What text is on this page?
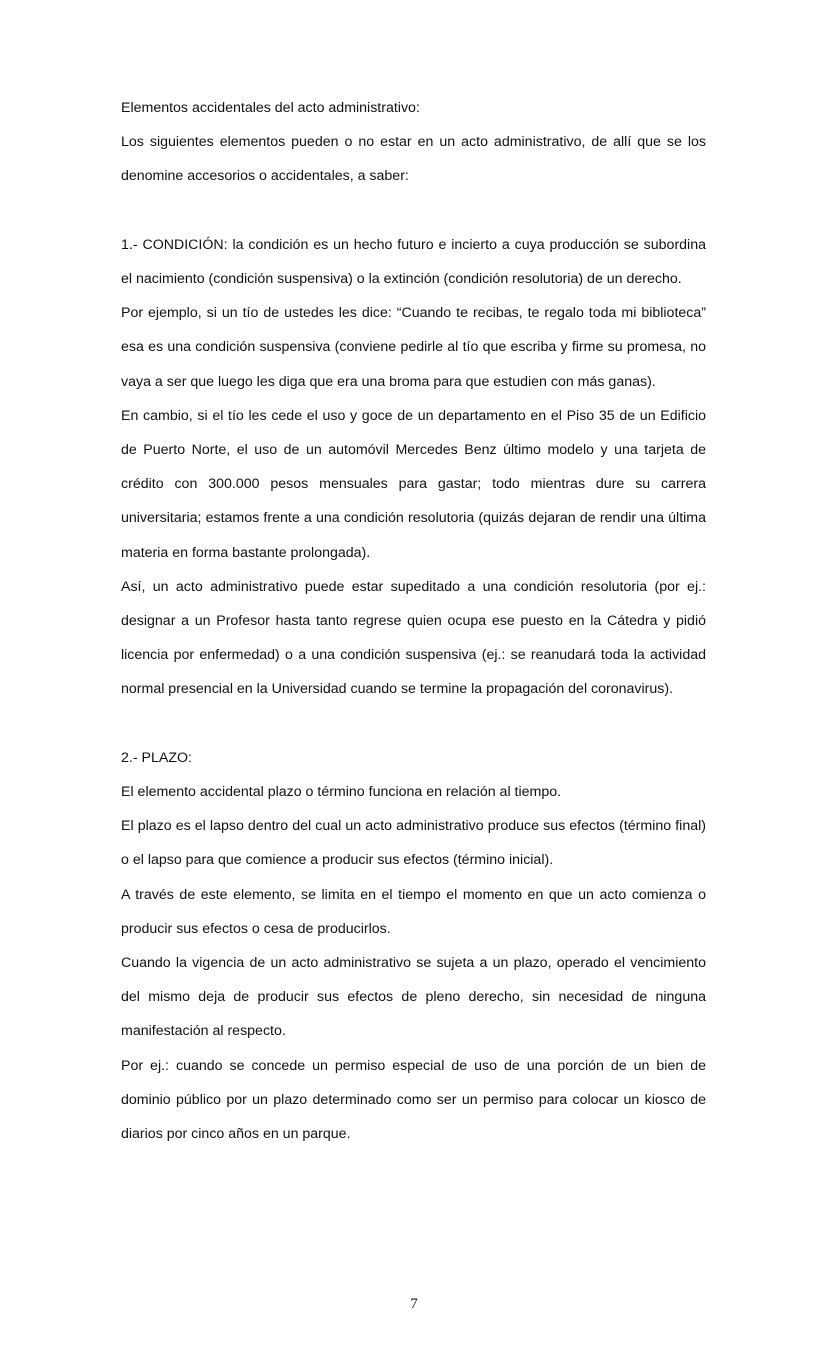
Elementos accidentales del acto administrativo:

Los siguientes elementos pueden o no estar en un acto administrativo, de allí que se los denomine accesorios o accidentales, a saber:

1.- CONDICIÓN: la condición es un hecho futuro e incierto a cuya producción se subordina el nacimiento (condición suspensiva) o la extinción (condición resolutoria) de un derecho.

Por ejemplo, si un tío de ustedes les dice: “Cuando te recibas, te regalo toda mi biblioteca” esa es una condición suspensiva (conviene pedirle al tío que escriba y firme su promesa, no vaya a ser que luego les diga que era una broma para que estudien con más ganas).

En cambio, si el tío les cede el uso y goce de un departamento en el Piso 35 de un Edificio de Puerto Norte, el uso de un automóvil Mercedes Benz último modelo y una tarjeta de crédito con 300.000 pesos mensuales para gastar; todo mientras dure su carrera universitaria; estamos frente a una condición resolutoria (quizás dejaran de rendir una última materia en forma bastante prolongada).

Así, un acto administrativo puede estar supeditado a una condición resolutoria (por ej.: designar a un Profesor hasta tanto regrese quien ocupa ese puesto en la Cátedra y pidió licencia por enfermedad) o a una condición suspensiva (ej.: se reanudará toda la actividad normal presencial en la Universidad cuando se termine la propagación del coronavirus).

2.- PLAZO:

El elemento accidental plazo o término funciona en relación al tiempo.

El plazo es el lapso dentro del cual un acto administrativo produce sus efectos (término final) o el lapso para que comience a producir sus efectos (término inicial).

A través de este elemento, se limita en el tiempo el momento en que un acto comienza o producir sus efectos o cesa de producirlos.

Cuando la vigencia de un acto administrativo se sujeta a un plazo, operado el vencimiento del mismo deja de producir sus efectos de pleno derecho, sin necesidad de ninguna manifestación al respecto.

Por ej.: cuando se concede un permiso especial de uso de una porción de un bien de dominio público por un plazo determinado como ser un permiso para colocar un kiosco de diarios por cinco años en un parque.

7
